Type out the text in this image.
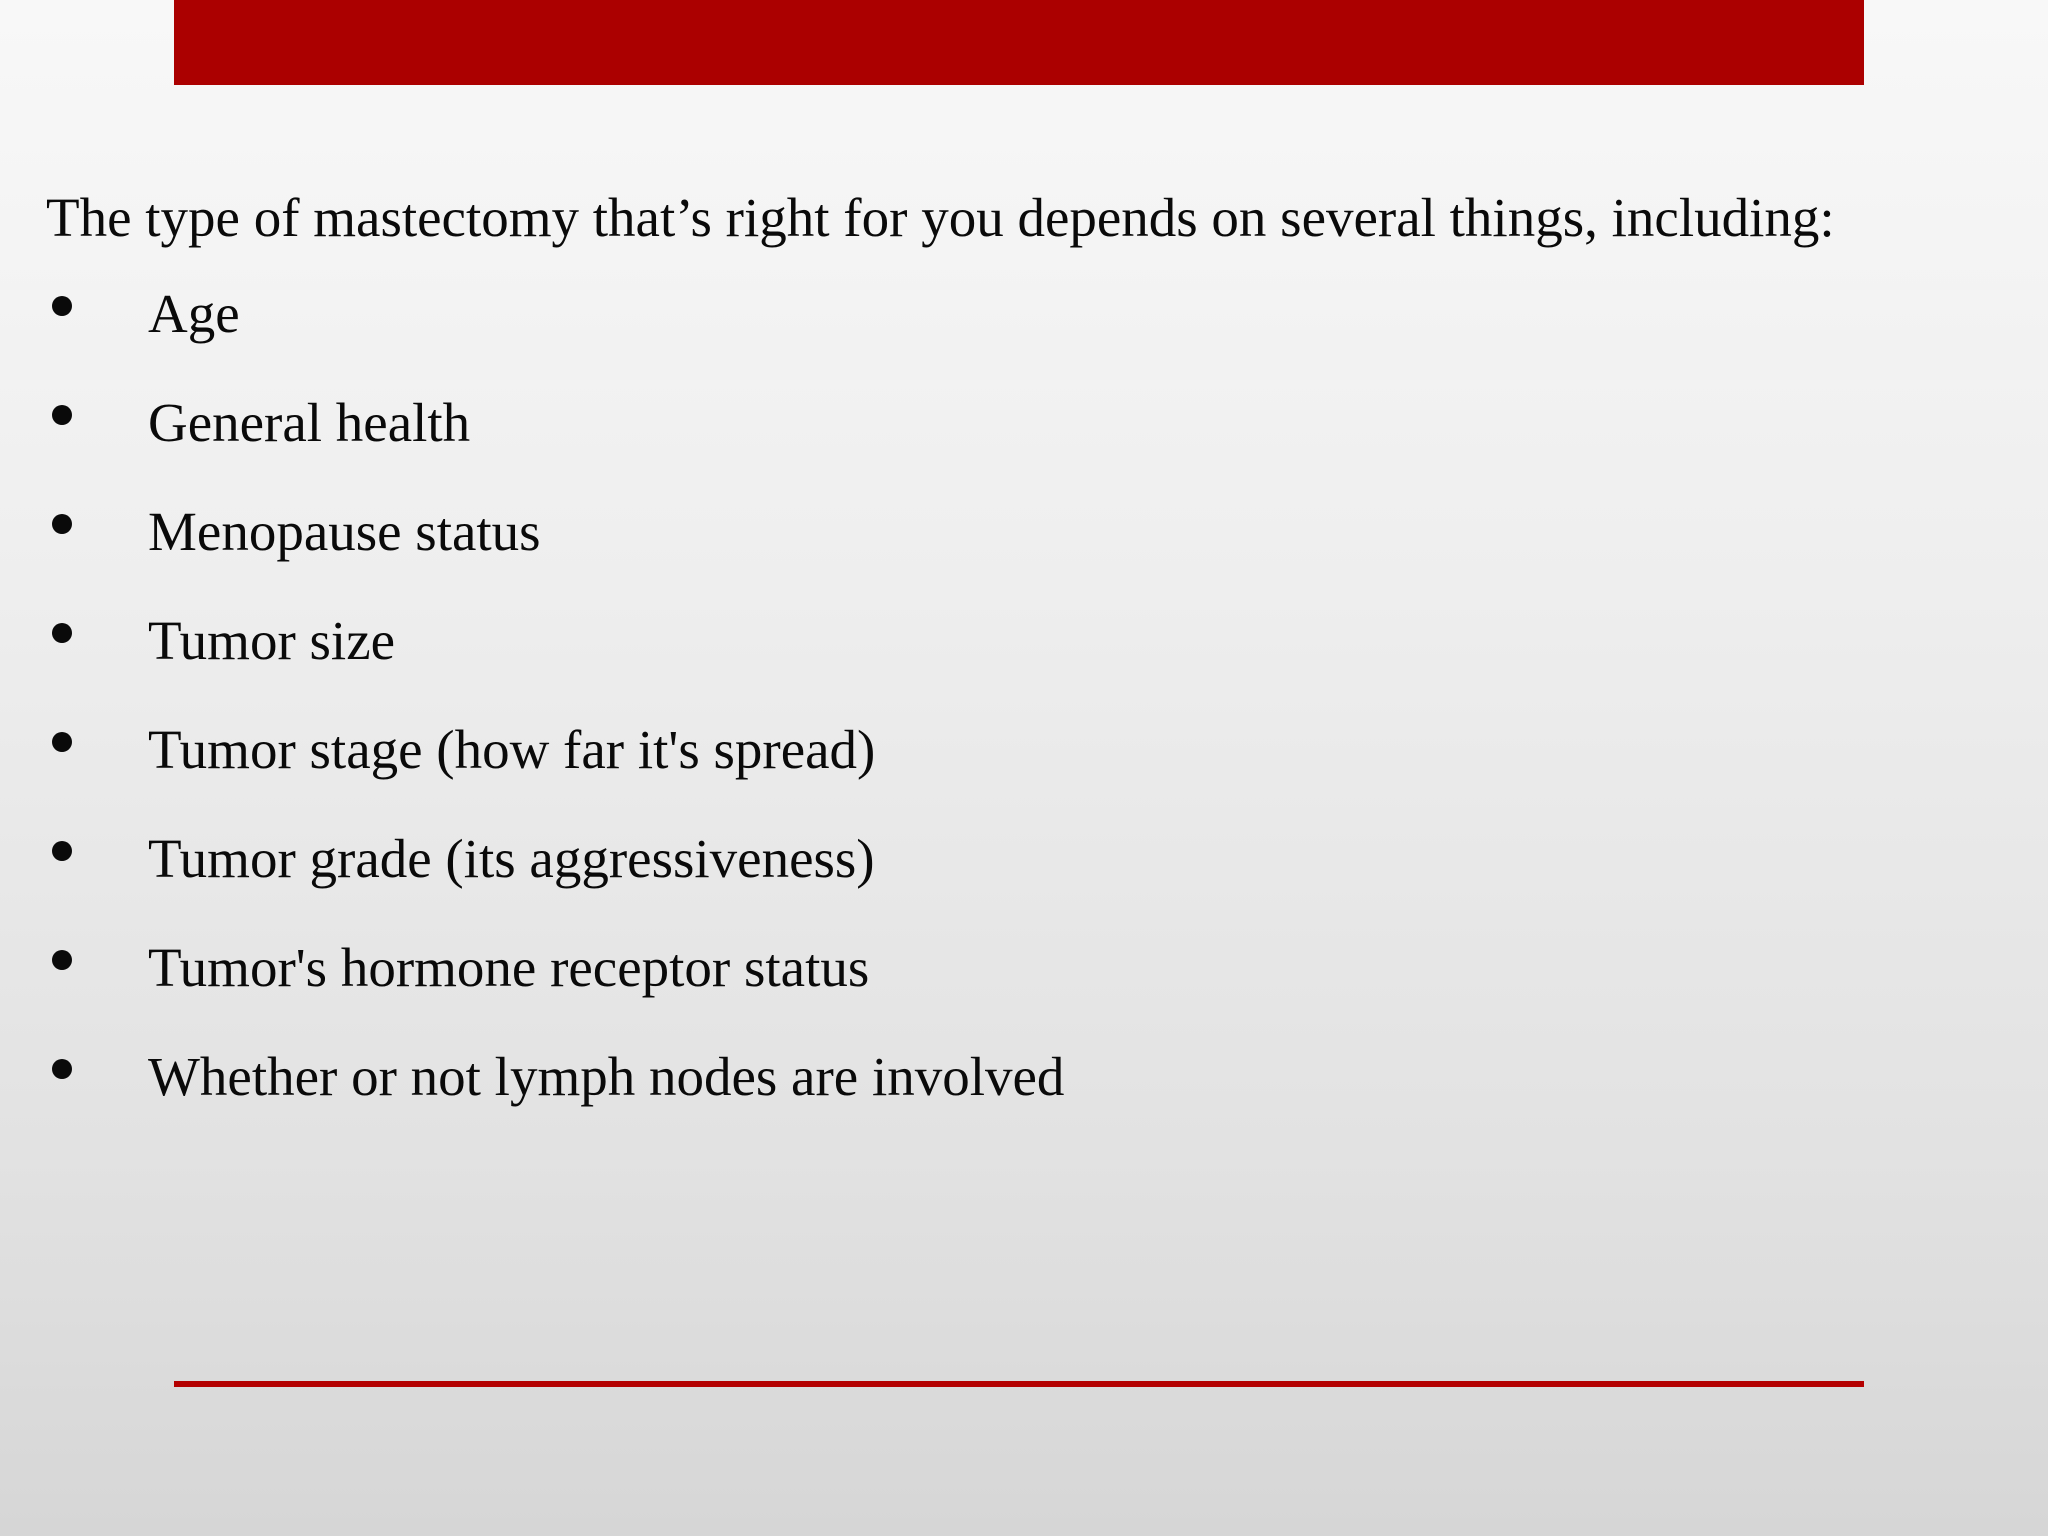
The type of mastectomy that’s right for you depends on several things, including:

Age
General health
Menopause status
Tumor size
Tumor stage (how far it's spread)
Tumor grade (its aggressiveness)
Tumor's hormone receptor status
Whether or not lymph nodes are involved
